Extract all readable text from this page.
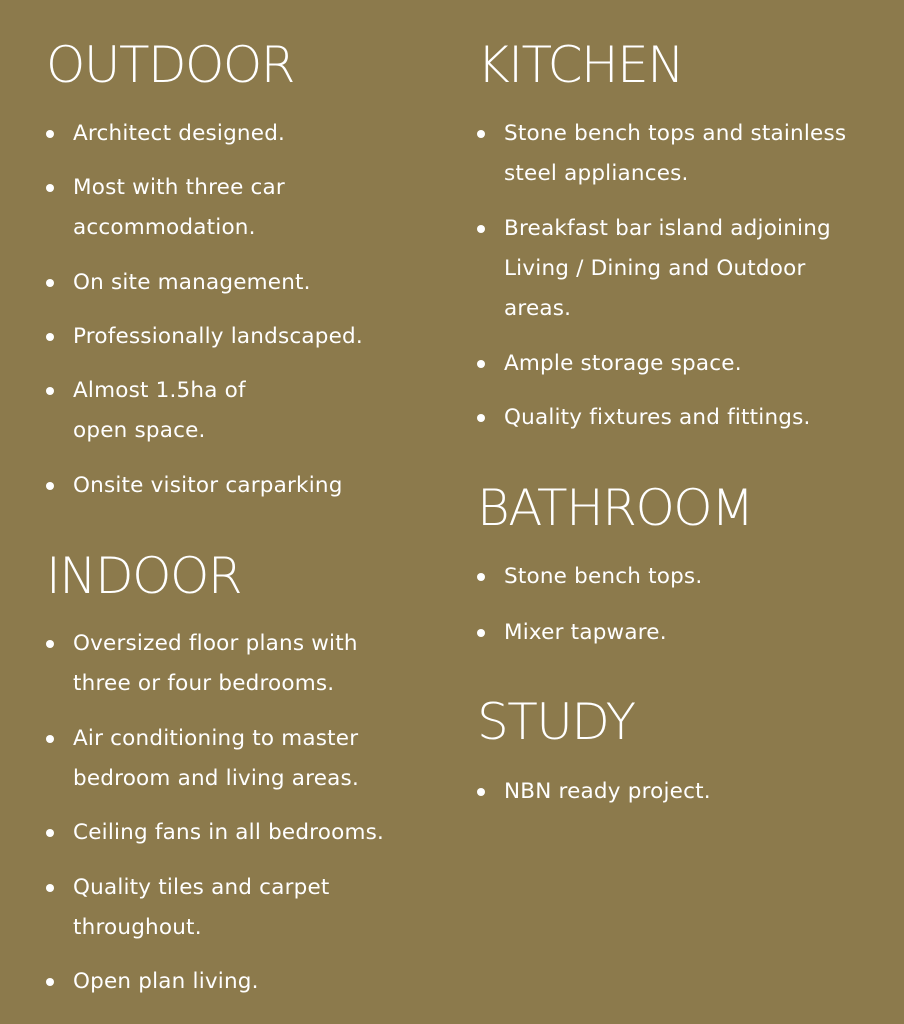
OUTDOOR
Architect designed.
Most with three car
accommodation.
On site management.
Professionally landscaped.
Almost 1.5ha of
open space.
Onsite visitor carparking
INDOOR
Oversized floor plans with
three or four bedrooms.
Air conditioning to master
bedroom and living areas.
Ceiling fans in all bedrooms.
Quality tiles and carpet
throughout.
Open plan living.
KITCHEN
Stone bench tops and stainless
steel appliances.
Breakfast bar island adjoining
Living / Dining and Outdoor
areas.
Ample storage space.
Quality fixtures and fittings.
BATHROOM
Stone bench tops.
Mixer tapware.
STUDY
NBN ready project.
